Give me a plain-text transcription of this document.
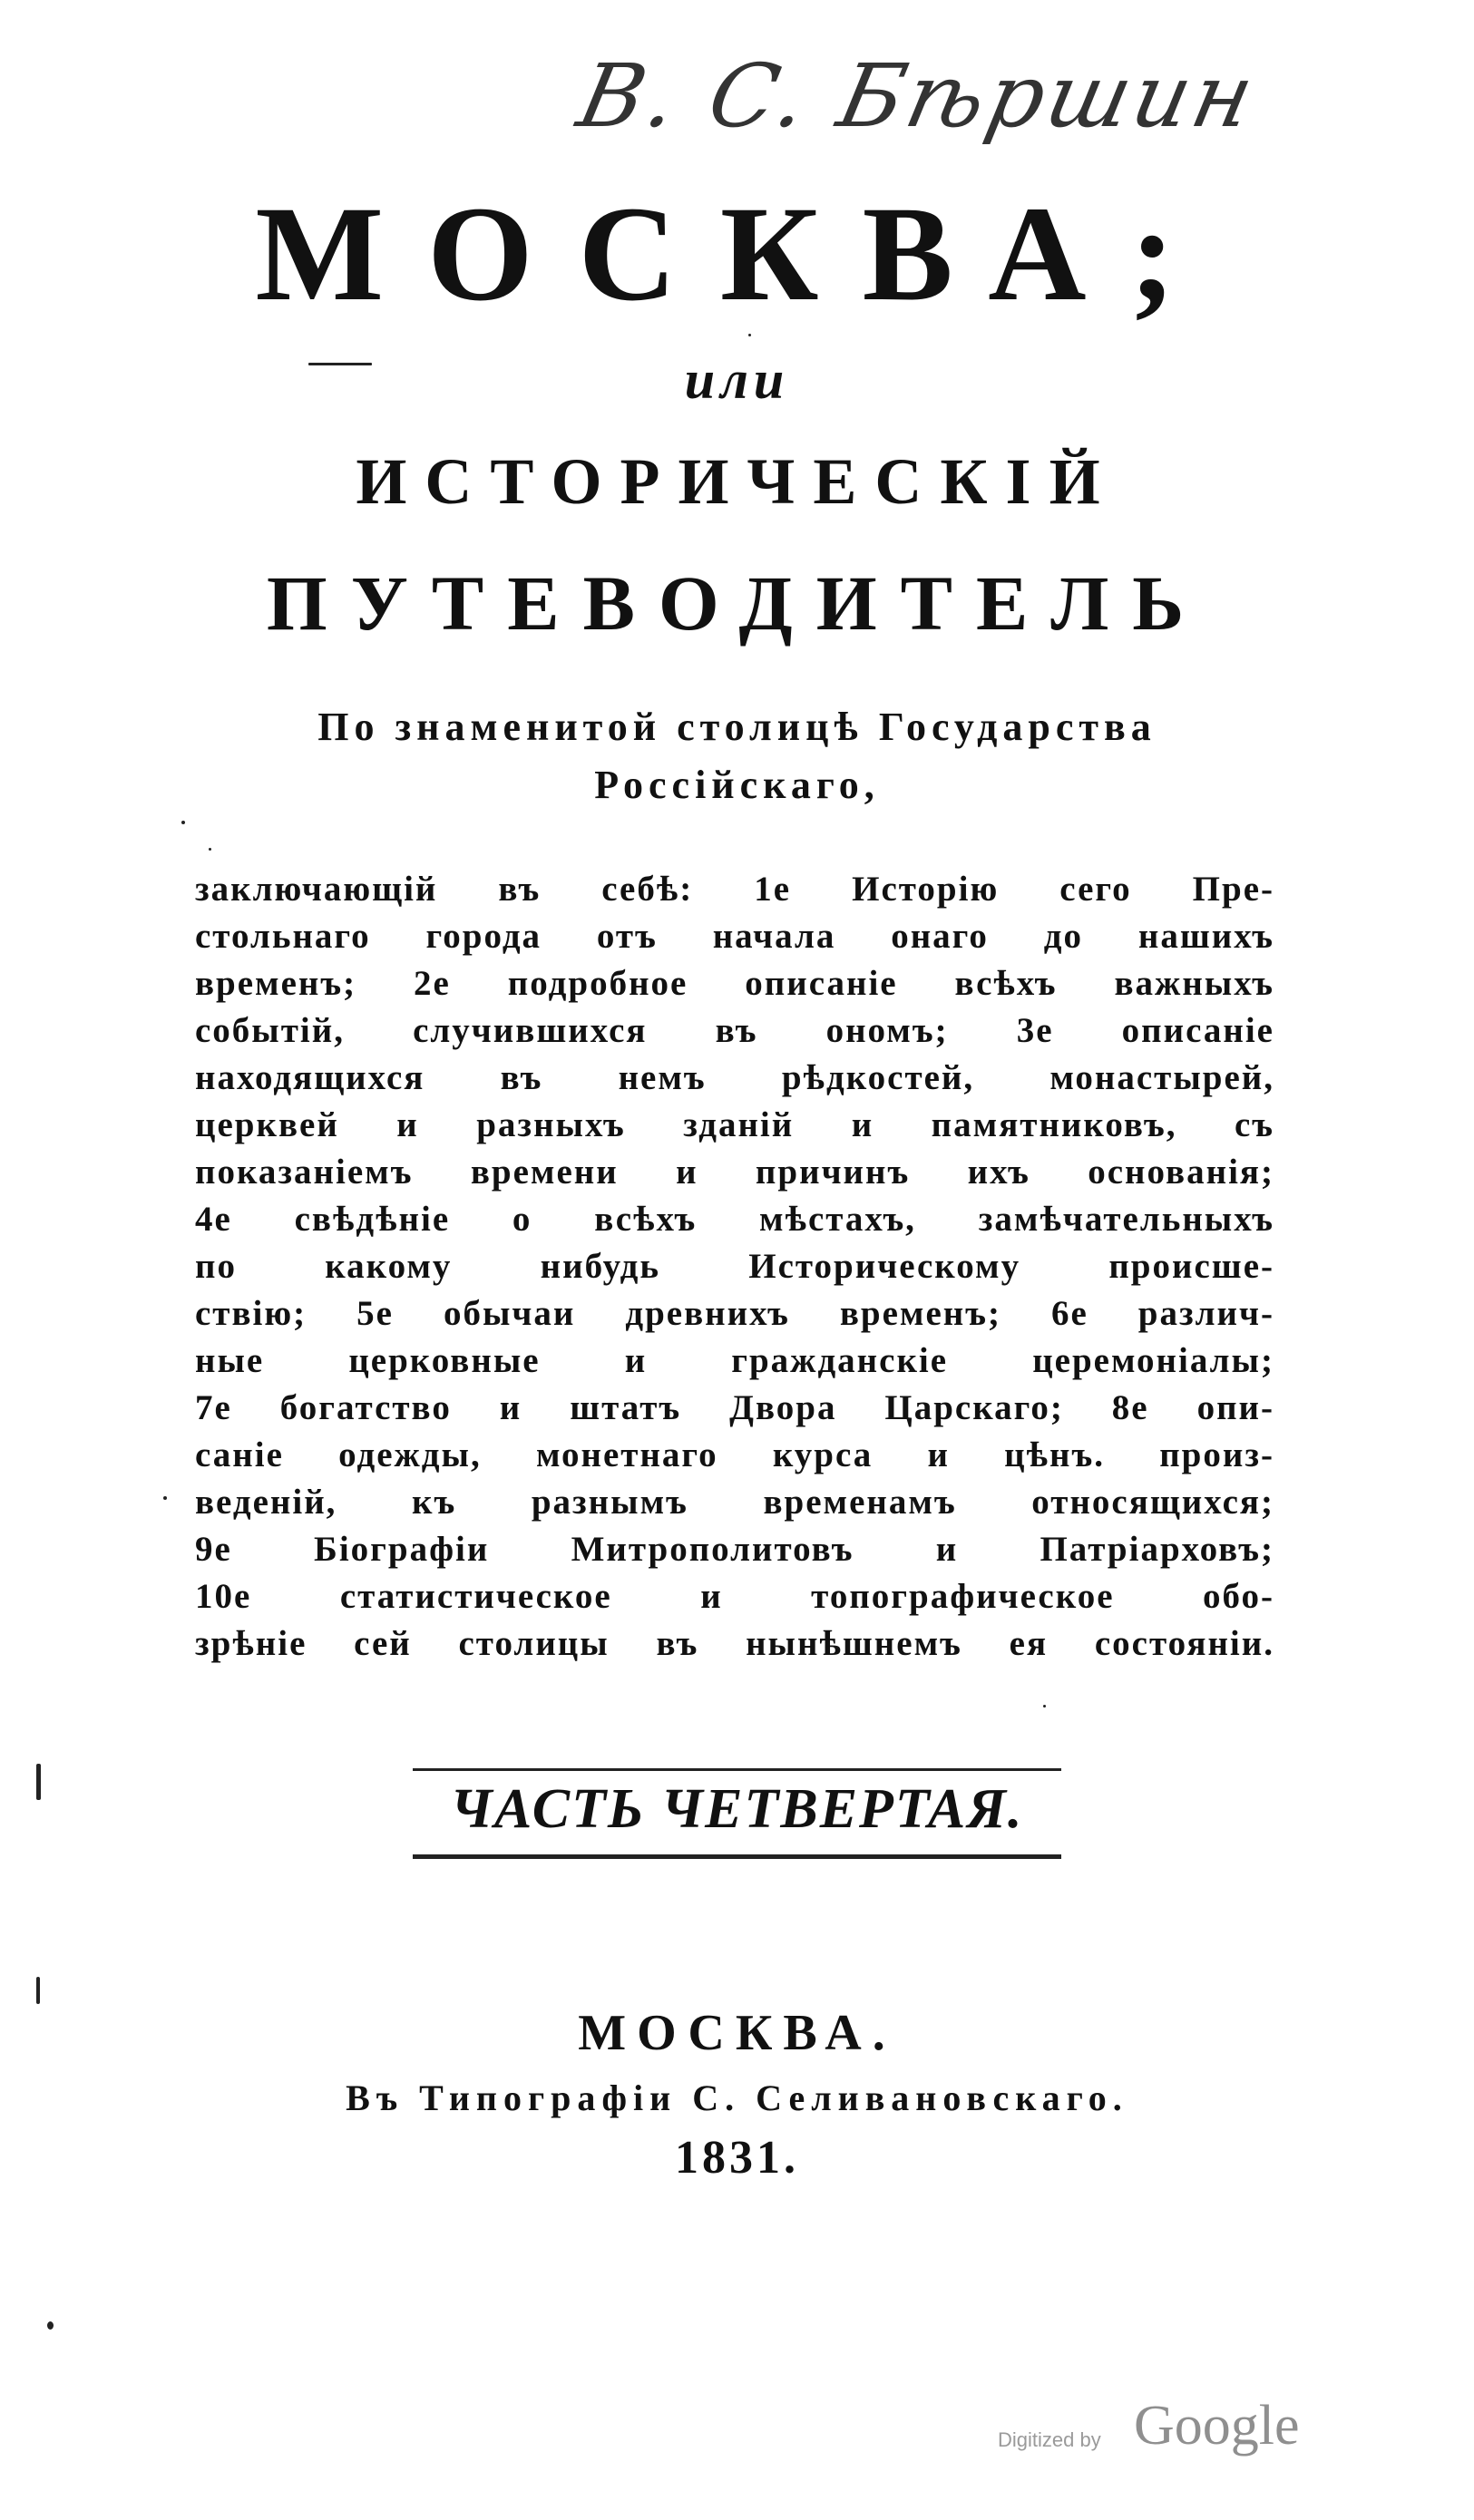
B. C. Бѣршин
МОСКВА;
или
ИСТОРИЧЕСКІЙ
ПУТЕВОДИТЕЛЬ
По знаменитой столицѣ Государства
Россійскаго,
заключающій въ себѣ: 1е Исторію сего Пре-
стольнаго города отъ начала онаго до нашихъ
временъ; 2е подробное описаніе всѣхъ важныхъ
событій, случившихся въ ономъ; 3е описаніе
находящихся въ немъ рѣдкостей, монастырей,
церквей и разныхъ зданій и памятниковъ, съ
показаніемъ времени и причинъ ихъ основанія;
4е свѣдѣніе о всѣхъ мѣстахъ, замѣчательныхъ
по какому нибудь Историческому происше-
ствію; 5е обычаи древнихъ временъ; 6е различ-
ные церковные и гражданскіе церемоніалы;
7е богатство и штатъ Двора Царскаго; 8е опи-
саніе одежды, монетнаго курса и цѣнъ. произ-
веденій, къ разнымъ временамъ относящихся;
9е Біографіи Митрополитовъ и Патріарховъ;
10е статистическое и топографическое обо-
зрѣніе сей столицы въ нынѣшнемъ ея состояніи.
ЧАСТЬ ЧЕТВЕРТАЯ.
МОСКВА.
Въ Типографіи С. Селивановскаго.
1831.
Digitized by Google
